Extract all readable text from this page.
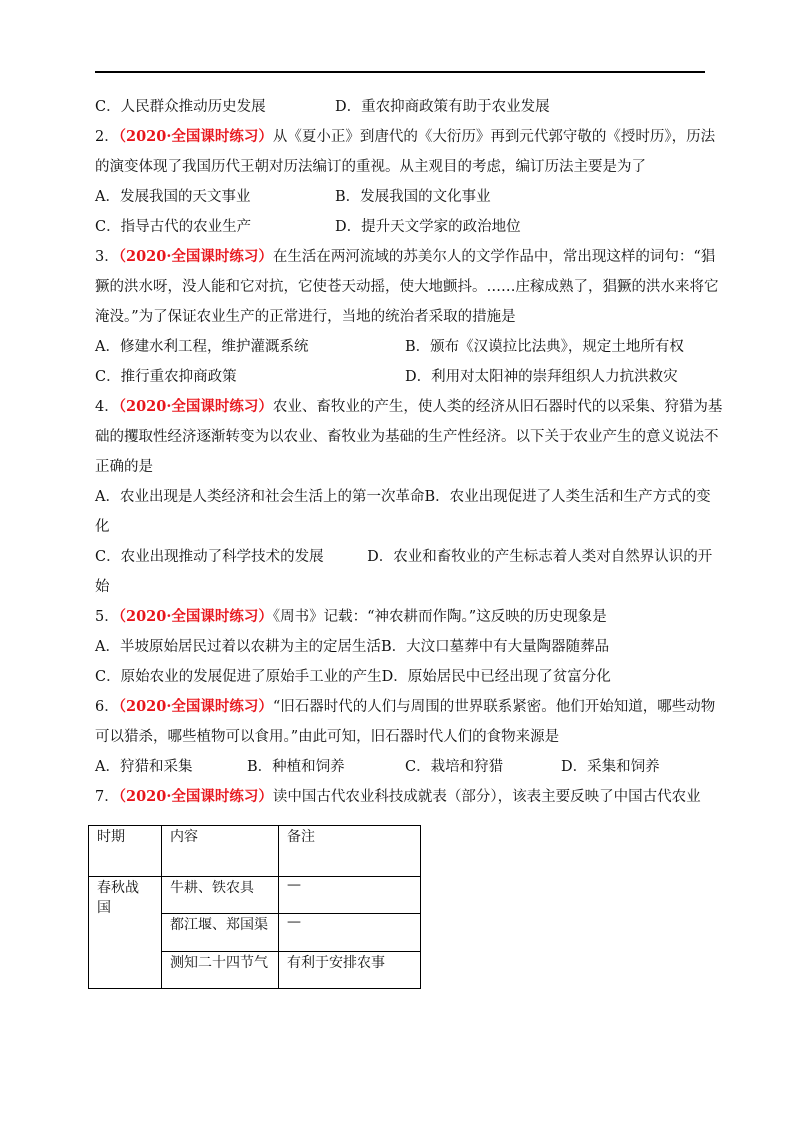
C．人民群众推动历史发展	D．重农抑商政策有助于农业发展
2．（2020·全国课时练习）从《夏小正》到唐代的《大衍历》再到元代郭守敬的《授时历》，历法
的演变体现了我国历代王朝对历法编订的重视。从主观目的考虑，编订历法主要是为了
A．发展我国的天文事业	B．发展我国的文化事业
C．指导古代的农业生产	D．提升天文学家的政治地位
3．（2020·全国课时练习）在生活在两河流域的苏美尔人的文学作品中，常出现这样的词句：“猖
獗的洪水呀，没人能和它对抗，它使苍天动摇，使大地颤抖。……庄稼成熟了，猖獗的洪水来将它
淹没。”为了保证农业生产的正常进行，当地的统治者采取的措施是
A．修建水利工程，维护灌溉系统	B．颁布《汉谟拉比法典》，规定土地所有权
C．推行重农抑商政策	D．利用对太阳神的崇拜组织人力抗洪救灾
4．（2020·全国课时练习）农业、畜牧业的产生，使人类的经济从旧石器时代的以采集、狩猎为基
础的攫取性经济逐渐转变为以农业、畜牧业为基础的生产性经济。以下关于农业产生的意义说法不
正确的是
A．农业出现是人类经济和社会生活上的第一次革命B．农业出现促进了人类生活和生产方式的变
化
C．农业出现推动了科学技术的发展　　　D．农业和畜牧业的产生标志着人类对自然界认识的开
始
5．（2020·全国课时练习）《周书》记载：“神农耕而作陶。”这反映的历史现象是
A．半坡原始居民过着以农耕为主的定居生活B．大汶口墓葬中有大量陶器随葬品
C．原始农业的发展促进了原始手工业的产生D．原始居民中已经出现了贫富分化
6．（2020·全国课时练习）“旧石器时代的人们与周围的世界联系紧密。他们开始知道，哪些动物
可以猎杀，哪些植物可以食用。”由此可知，旧石器时代人们的食物来源是
A．狩猎和采集	B．种植和饲养	C．栽培和狩猎	D．采集和饲养
7．（2020·全国课时练习）读中国古代农业科技成就表（部分），该表主要反映了中国古代农业
时期	内容	备注

春秋战
国	牛耕、铁农具	—
	都江堰、郑国渠	—
	测知二十四节气	有利于安排农事
